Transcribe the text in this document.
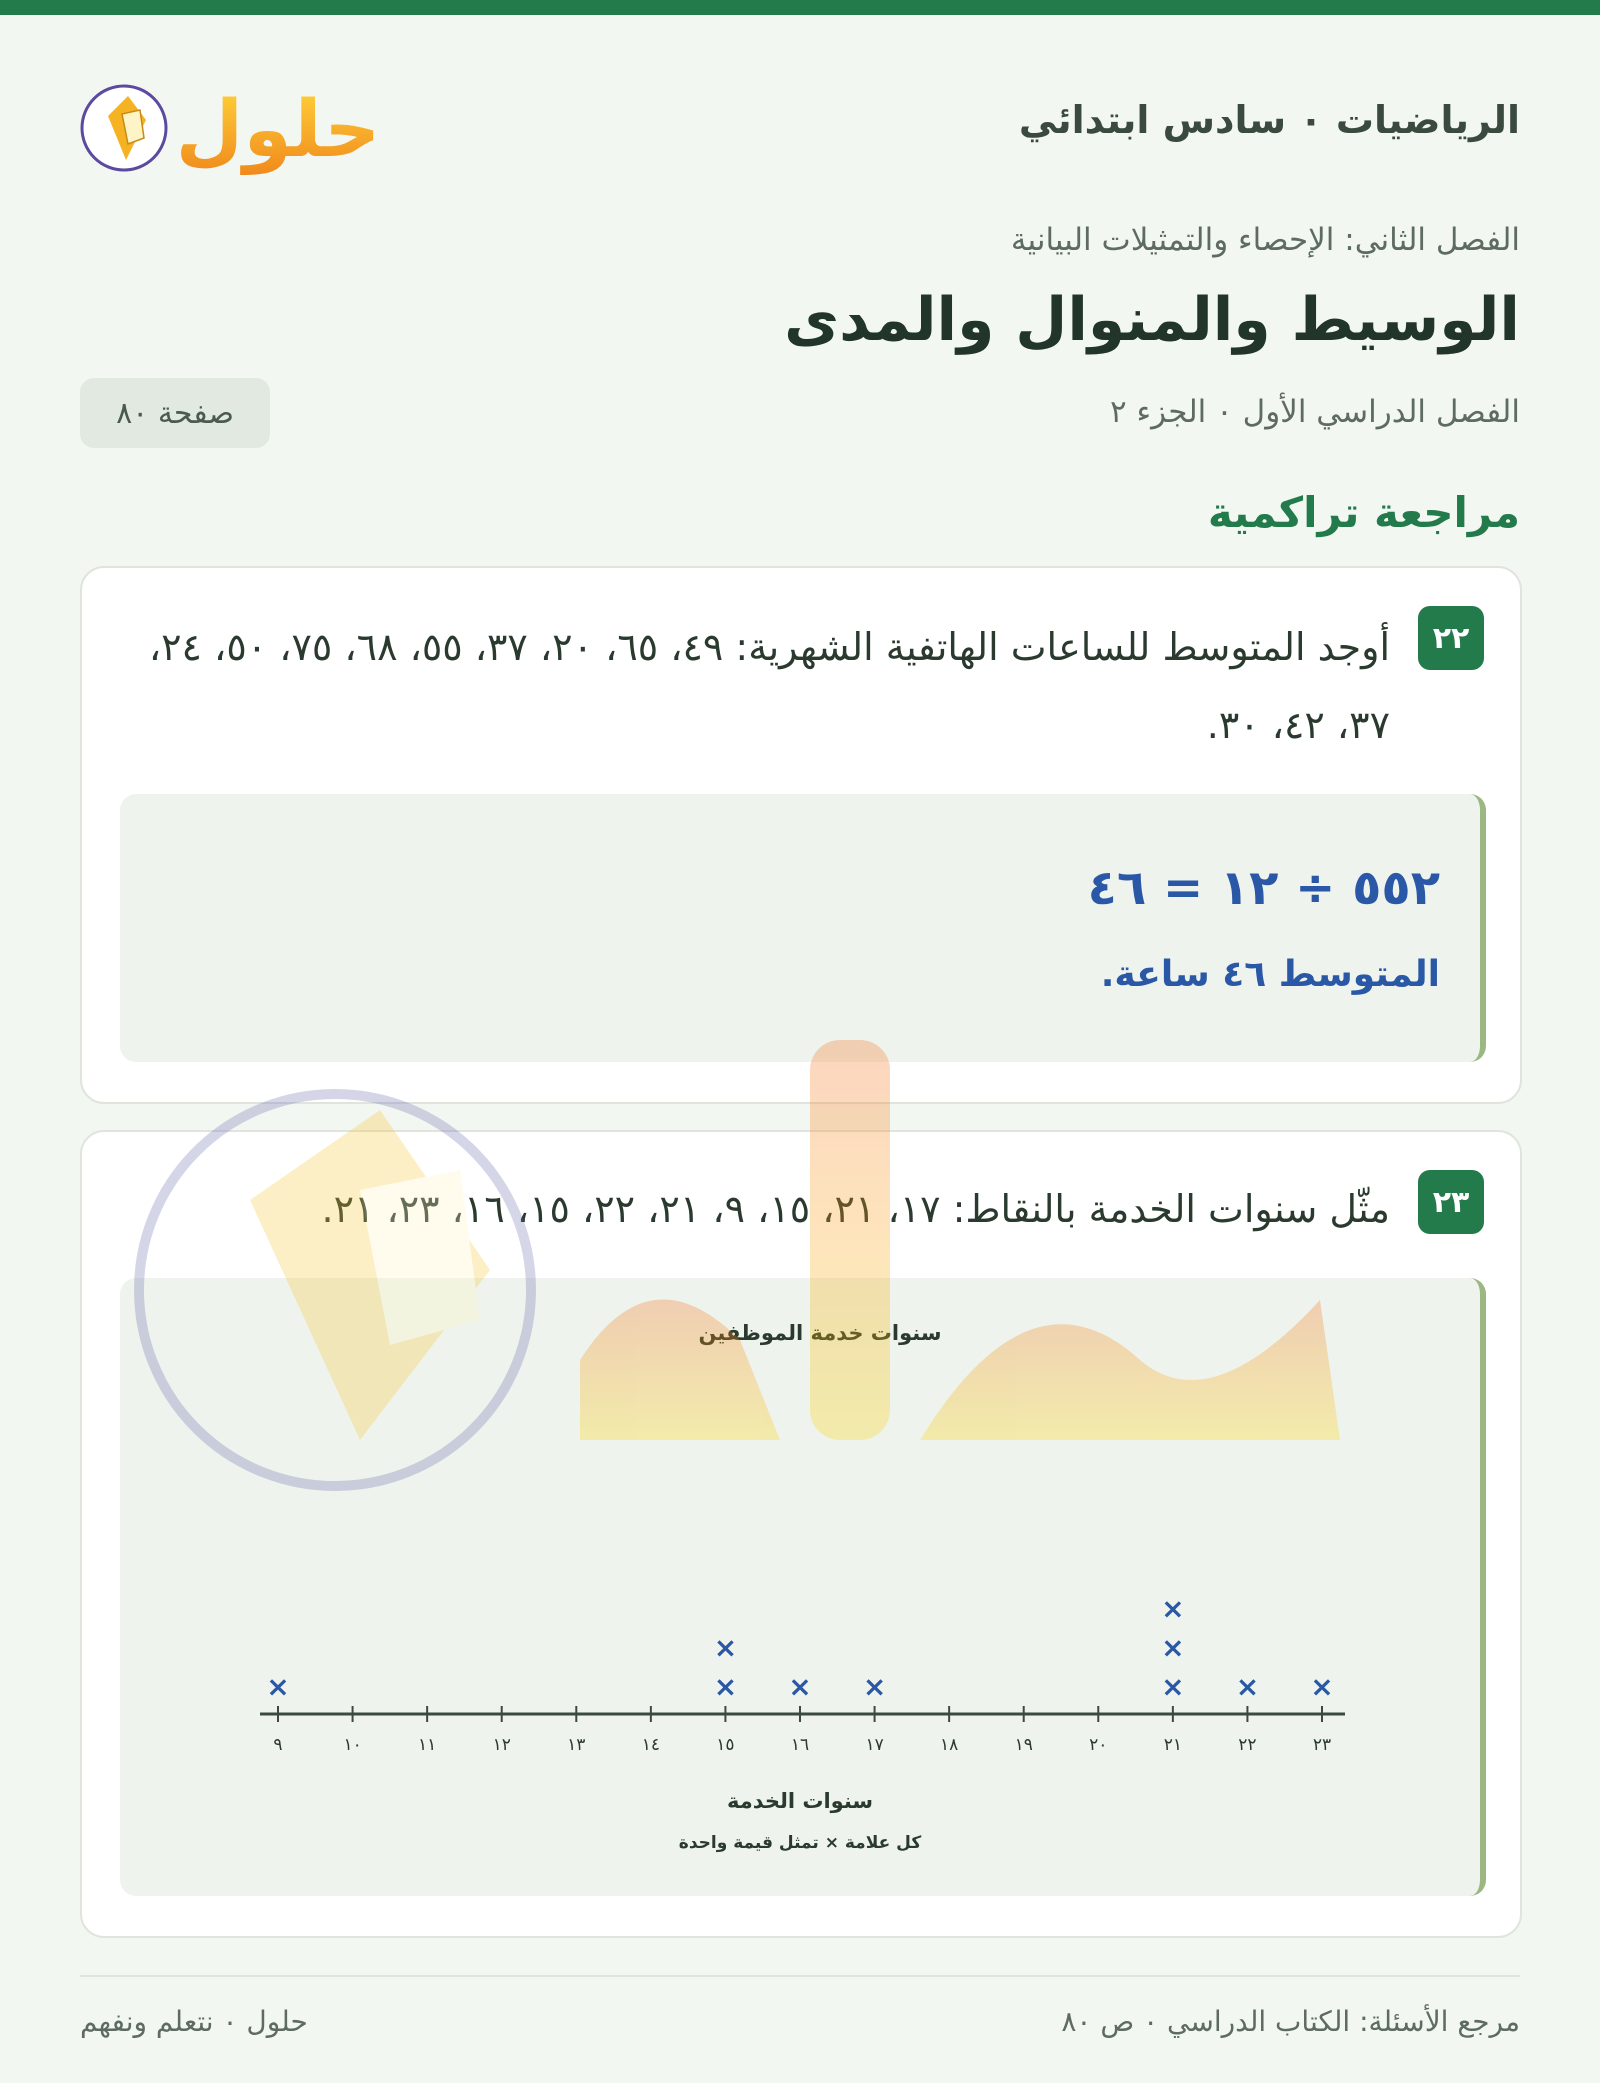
حلول	الرياضيات ۰ سادس ابتدائي
الفصل الثاني: الإحصاء والتمثيلات البيانية
الوسيط والمنوال والمدى
الفصل الدراسي الأول ۰ الجزء ٢
صفحة ٨٠
مراجعة تراكمية
٢٢
أوجد المتوسط للساعات الهاتفية الشهرية: ٤٩، ٦٥، ٢٠، ٣٧، ٥٥، ٦٨، ٧٥، ٥٠، ٢٤، ٣٧، ٤٢، ٣٠.
٥٥٢ ÷ ١٢ = ٤٦
المتوسط ٤٦ ساعة.
٢٣
مثّل سنوات الخدمة بالنقاط: ١٧، ٢١، ١٥، ٩، ٢١، ٢٢، ١٥، ١٦، ٢٣، ٢١.
سنوات خدمة الموظفين
٩	١٠	١١	١٢	١٣	١٤	١٥	١٦	١٧	١٨	١٩	٢٠	٢١	٢٢	٢٣
×	×
×
× ×	×
×
×
× ×
سنوات الخدمة
كل علامة × تمثل قيمة واحدة
مرجع الأسئلة: الكتاب الدراسي ۰ ص ٨٠
حلول ۰ نتعلم ونفهم
